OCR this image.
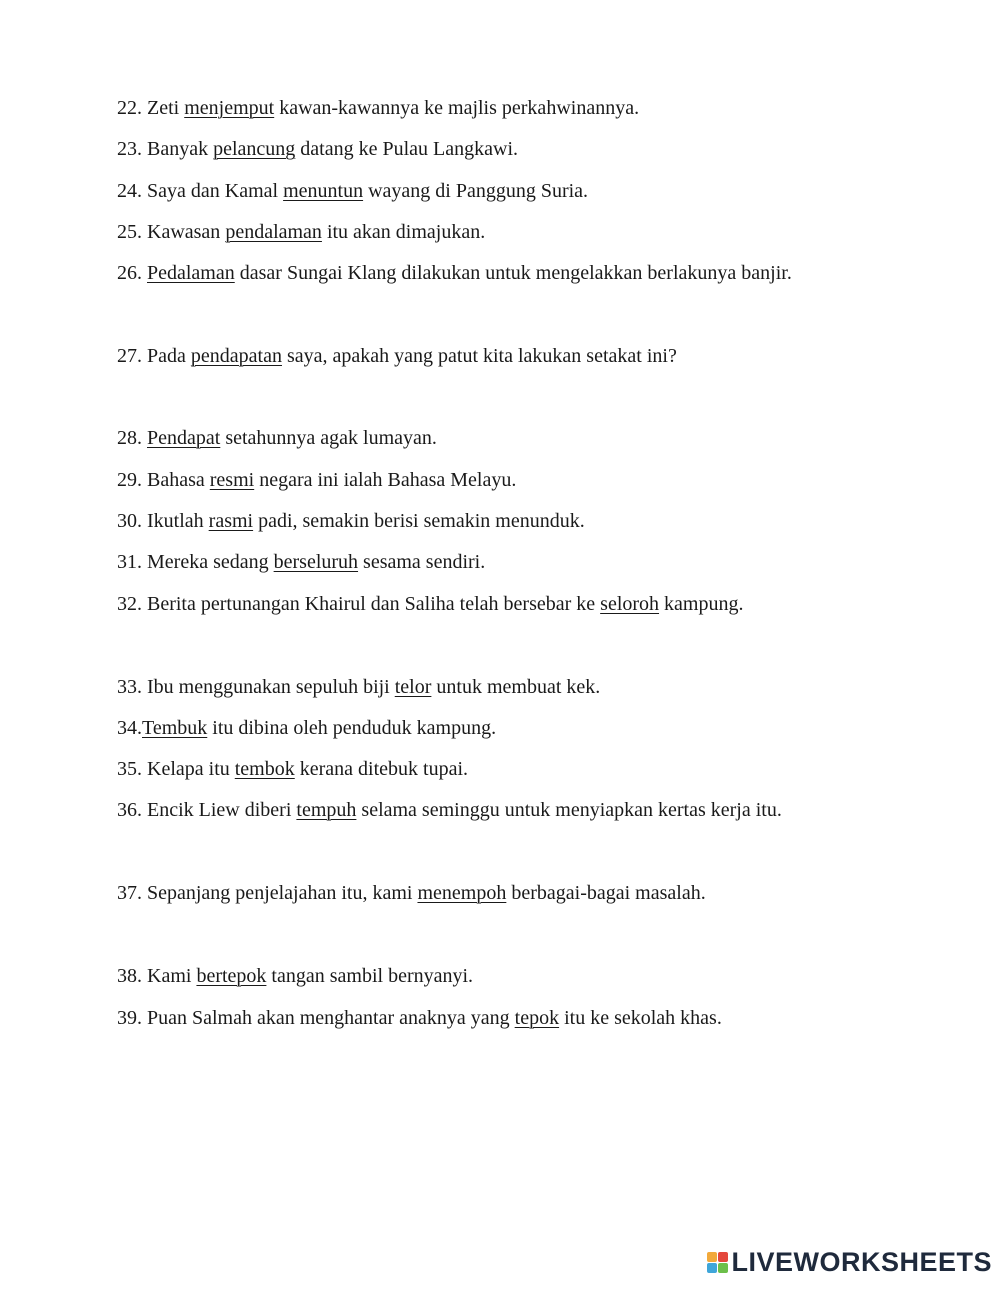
22. Zeti menjemput kawan-kawannya ke majlis perkahwinannya.
23. Banyak pelancung datang ke Pulau Langkawi.
24. Saya dan Kamal menuntun wayang di Panggung Suria.
25. Kawasan pendalaman itu akan dimajukan.
26. Pedalaman dasar Sungai Klang dilakukan untuk mengelakkan berlakunya banjir.
27. Pada pendapatan saya, apakah yang patut kita lakukan setakat ini?
28. Pendapat setahunnya agak lumayan.
29. Bahasa resmi negara ini ialah Bahasa Melayu.
30. Ikutlah rasmi padi, semakin berisi semakin menunduk.
31. Mereka sedang berseluruh sesama sendiri.
32. Berita pertunangan Khairul dan Saliha telah bersebar ke seloroh kampung.
33. Ibu menggunakan sepuluh biji telor untuk membuat kek.
34.Tembuk itu dibina oleh penduduk kampung.
35. Kelapa itu tembok kerana ditebuk tupai.
36. Encik Liew diberi tempuh selama seminggu untuk menyiapkan kertas kerja itu.
37. Sepanjang penjelajahan itu, kami menempoh berbagai-bagai masalah.
38. Kami bertepok tangan sambil bernyanyi.
39. Puan Salmah akan menghantar anaknya yang tepok itu ke sekolah khas.
LIVEWORKSHEETS
